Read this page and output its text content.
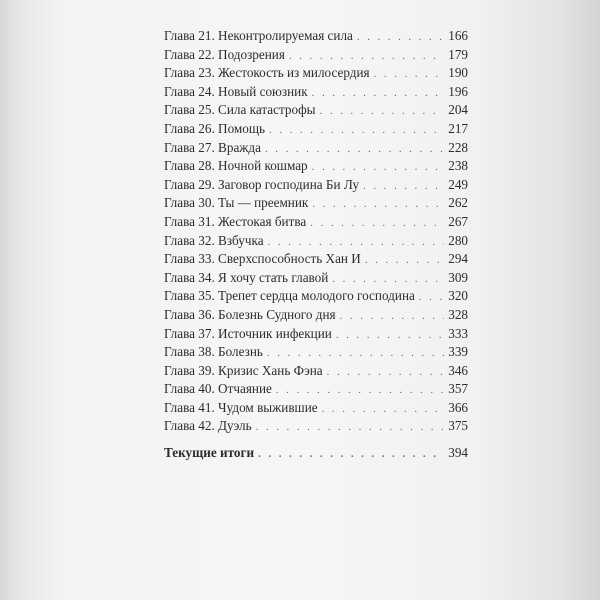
Глава 21. Неконтролируемая сила . . .	166
Глава 22. Подозрения . . .	179
Глава 23. Жестокость из милосердия . . .	190
Глава 24. Новый союзник . . .	196
Глава 25. Сила катастрофы . . .	204
Глава 26. Помощь . . .	217
Глава 27. Вражда . . .	228
Глава 28. Ночной кошмар . . .	238
Глава 29. Заговор господина Би Лу . . .	249
Глава 30. Ты — преемник . . .	262
Глава 31. Жестокая битва . . .	267
Глава 32. Взбучка . . .	280
Глава 33. Сверхспособность Хан И . . .	294
Глава 34. Я хочу стать главой . . .	309
Глава 35. Трепет сердца молодого господина . . .	320
Глава 36. Болезнь Судного дня . . .	328
Глава 37. Источник инфекции . . .	333
Глава 38. Болезнь . . .	339
Глава 39. Кризис Хань Фэна . . .	346
Глава 40. Отчаяние . . .	357
Глава 41. Чудом выжившие . . .	366
Глава 42. Дуэль . . .	375
Текущие итоги . . .	394
